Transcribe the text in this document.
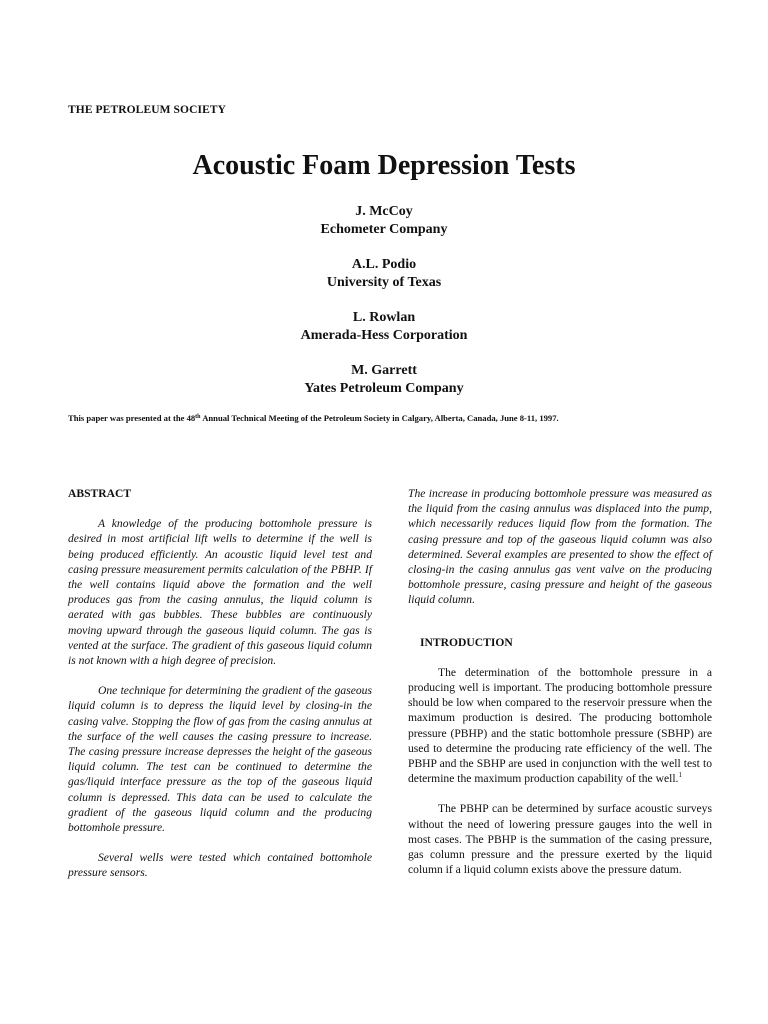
THE PETROLEUM SOCIETY
Acoustic Foam Depression Tests
J. McCoy
Echometer Company
A.L. Podio
University of Texas
L. Rowlan
Amerada-Hess Corporation
M. Garrett
Yates Petroleum Company
This paper was presented at the 48th Annual Technical Meeting of the Petroleum Society in Calgary, Alberta, Canada, June 8-11, 1997.
ABSTRACT

A knowledge of the producing bottomhole pressure is desired in most artificial lift wells to determine if the well is being produced efficiently. An acoustic liquid level test and casing pressure measurement permits calculation of the PBHP. If the well contains liquid above the formation and the well produces gas from the casing annulus, the liquid column is aerated with gas bubbles. These bubbles are continuously moving upward through the gaseous liquid column. The gas is vented at the surface. The gradient of this gaseous liquid column is not known with a high degree of precision.

One technique for determining the gradient of the gaseous liquid column is to depress the liquid level by closing-in the casing valve. Stopping the flow of gas from the casing annulus at the surface of the well causes the casing pressure to increase. The casing pressure increase depresses the height of the gaseous liquid column. The test can be continued to determine the gas/liquid interface pressure as the top of the gaseous liquid column is depressed. This data can be used to calculate the gradient of the gaseous liquid column and the producing bottomhole pressure.

Several wells were tested which contained bottomhole pressure sensors.

The increase in producing bottomhole pressure was measured as the liquid from the casing annulus was displaced into the pump, which necessarily reduces liquid flow from the formation. The casing pressure and top of the gaseous liquid column was also determined. Several examples are presented to show the effect of closing-in the casing annulus gas vent valve on the producing bottomhole pressure, casing pressure and height of the gaseous liquid column.

INTRODUCTION

The determination of the bottomhole pressure in a producing well is important. The producing bottomhole pressure should be low when compared to the reservoir pressure when the maximum production is desired. The producing bottomhole pressure (PBHP) and the static bottomhole pressure (SBHP) are used to determine the producing rate efficiency of the well. The PBHP and the SBHP are used in conjunction with the well test to determine the maximum production capability of the well.$^1$

The PBHP can be determined by surface acoustic surveys without the need of lowering pressure gauges into the well in most cases. The PBHP is the summation of the casing pressure, gas column pressure and the pressure exerted by the liquid column if a liquid column exists above the pressure datum.
